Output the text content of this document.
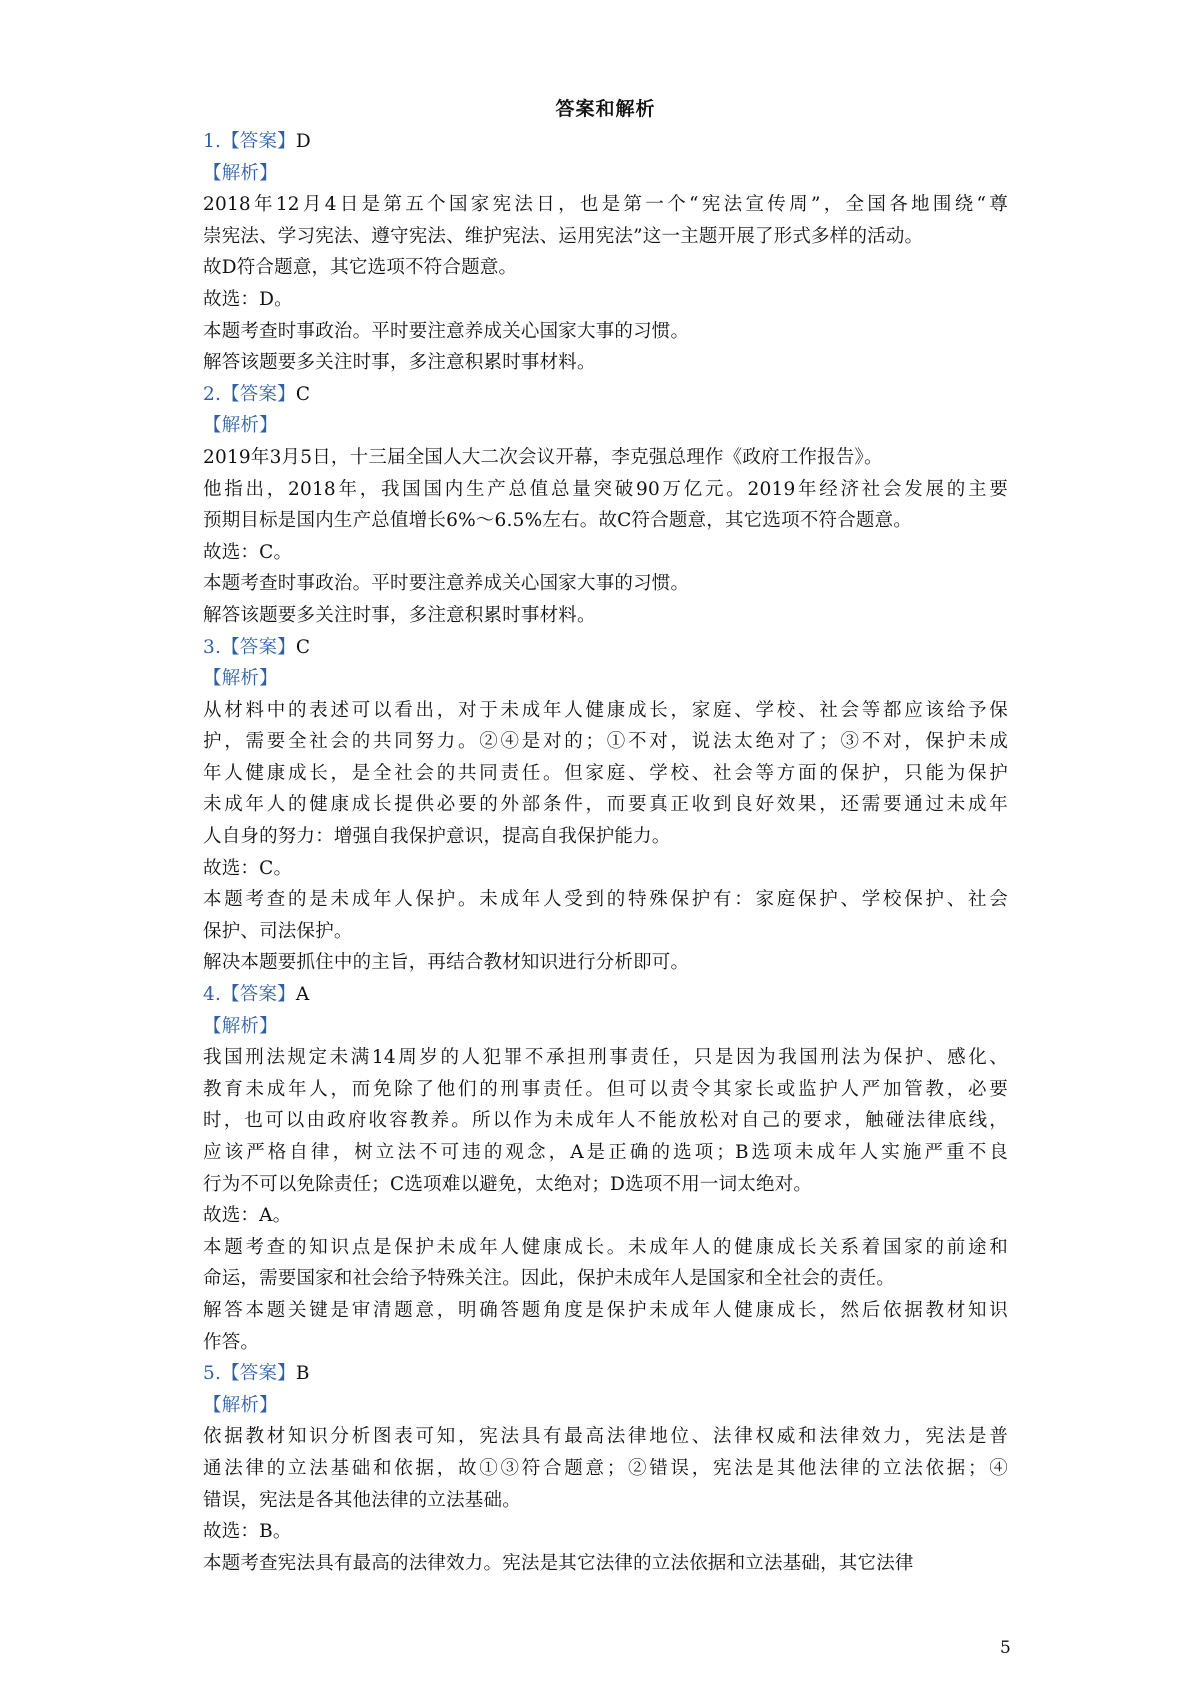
答案和解析
1.【答案】D
【解析】
2018年12月4日是第五个国家宪法日，也是第一个“宪法宣传周”，全国各地围绕“尊
崇宪法、学习宪法、遵守宪法、维护宪法、运用宪法”这一主题开展了形式多样的活动。
故D符合题意，其它选项不符合题意。
故选：D。
本题考查时事政治。平时要注意养成关心国家大事的习惯。
解答该题要多关注时事，多注意积累时事材料。
2.【答案】C
【解析】
2019年3月5日，十三届全国人大二次会议开幕，李克强总理作《政府工作报告》。
他指出，2018年，我国国内生产总值总量突破90万亿元。2019年经济社会发展的主要
预期目标是国内生产总值增长6%～6.5%左右。故C符合题意，其它选项不符合题意。
故选：C。
本题考查时事政治。平时要注意养成关心国家大事的习惯。
解答该题要多关注时事，多注意积累时事材料。
3.【答案】C
【解析】
从材料中的表述可以看出，对于未成年人健康成长，家庭、学校、社会等都应该给予保
护，需要全社会的共同努力。②④是对的；①不对，说法太绝对了；③不对，保护未成
年人健康成长，是全社会的共同责任。但家庭、学校、社会等方面的保护，只能为保护
未成年人的健康成长提供必要的外部条件，而要真正收到良好效果，还需要通过未成年
人自身的努力：增强自我保护意识，提高自我保护能力。
故选：C。
本题考查的是未成年人保护。未成年人受到的特殊保护有：家庭保护、学校保护、社会
保护、司法保护。
解决本题要抓住中的主旨，再结合教材知识进行分析即可。
4.【答案】A
【解析】
我国刑法规定未满14周岁的人犯罪不承担刑事责任，只是因为我国刑法为保护、感化、
教育未成年人，而免除了他们的刑事责任。但可以责令其家长或监护人严加管教，必要
时，也可以由政府收容教养。所以作为未成年人不能放松对自己的要求，触碰法律底线，
应该严格自律，树立法不可违的观念，A是正确的选项；B选项未成年人实施严重不良
行为不可以免除责任；C选项难以避免，太绝对；D选项不用一词太绝对。
故选：A。
本题考查的知识点是保护未成年人健康成长。未成年人的健康成长关系着国家的前途和
命运，需要国家和社会给予特殊关注。因此，保护未成年人是国家和全社会的责任。
解答本题关键是审清题意，明确答题角度是保护未成年人健康成长，然后依据教材知识
作答。
5.【答案】B
【解析】
依据教材知识分析图表可知，宪法具有最高法律地位、法律权威和法律效力，宪法是普
通法律的立法基础和依据，故①③符合题意；②错误，宪法是其他法律的立法依据；④
错误，宪法是各其他法律的立法基础。
故选：B。
本题考查宪法具有最高的法律效力。宪法是其它法律的立法依据和立法基础，其它法律
5
